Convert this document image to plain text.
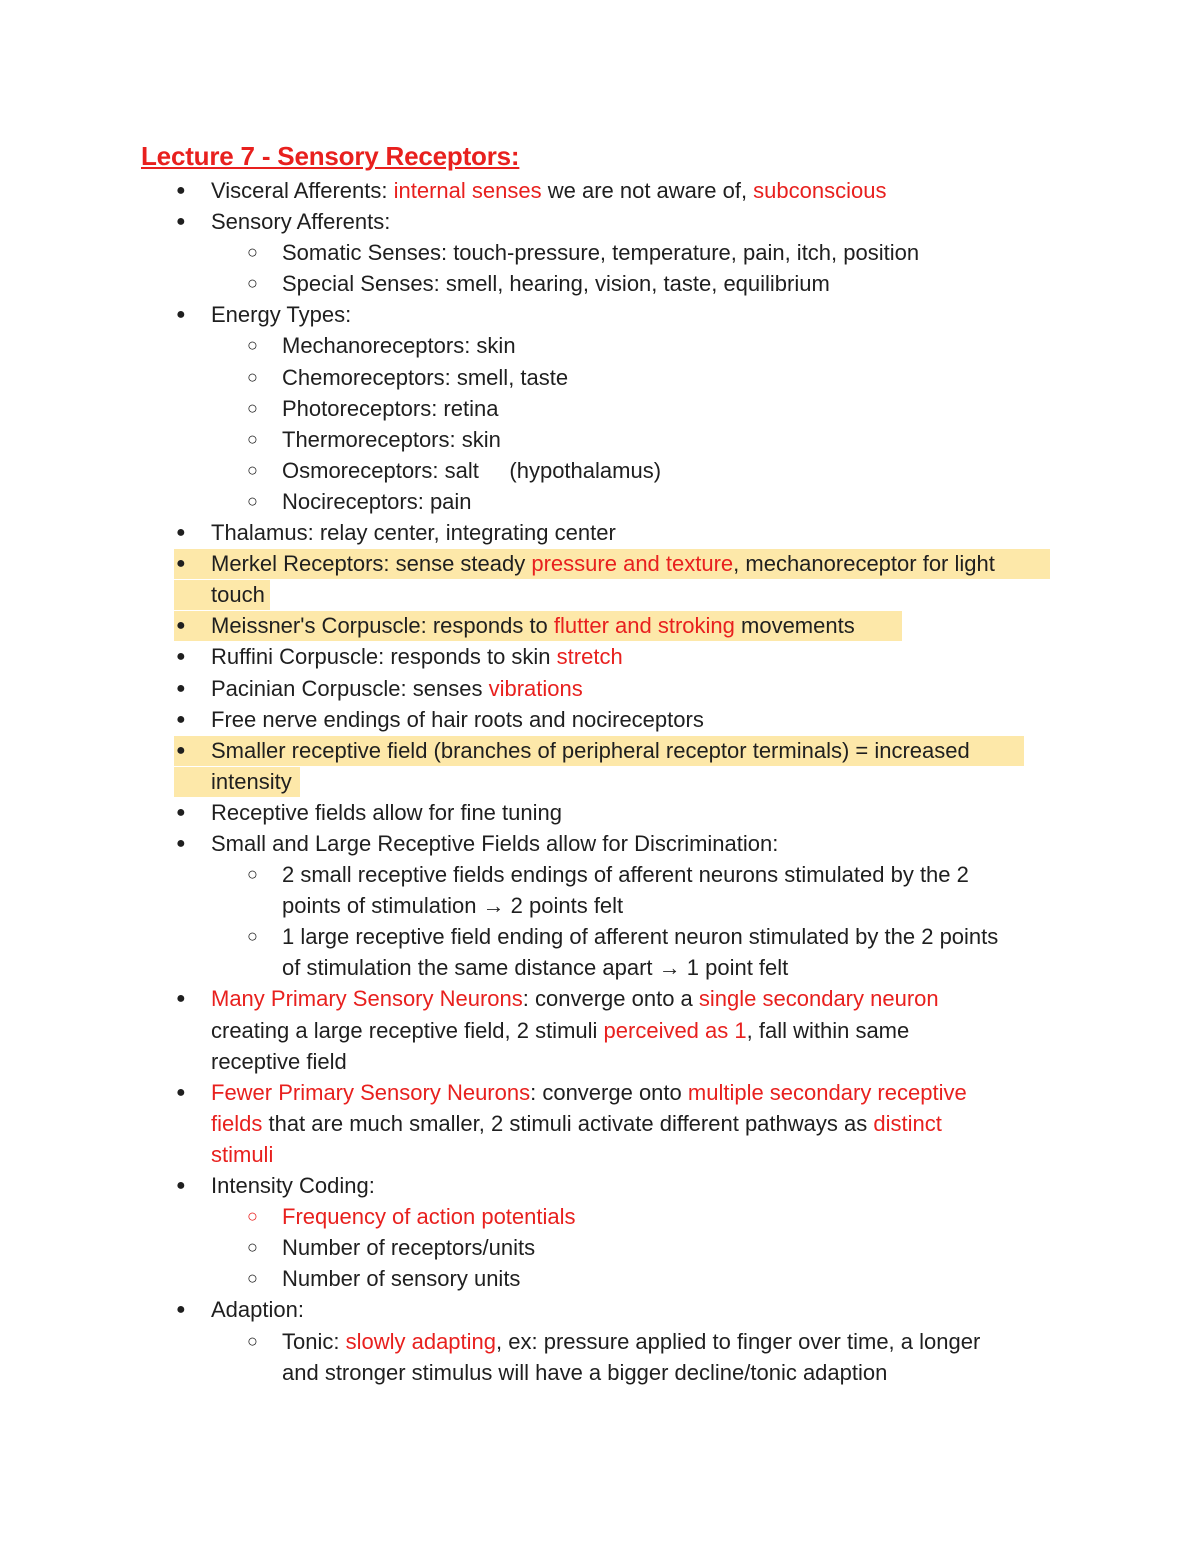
Lecture 7 - Sensory Receptors:
● Visceral Afferents: internal senses we are not aware of, subconscious
● Sensory Afferents:
○ Somatic Senses: touch-pressure, temperature, pain, itch, position
○ Special Senses: smell, hearing, vision, taste, equilibrium
● Energy Types:
○ Mechanoreceptors: skin
○ Chemoreceptors: smell, taste
○ Photoreceptors: retina
○ Thermoreceptors: skin
○ Osmoreceptors: salt     (hypothalamus)
○ Nocireceptors: pain
● Thalamus: relay center, integrating center
● Merkel Receptors: sense steady pressure and texture, mechanoreceptor for light
touch
● Meissner's Corpuscle: responds to flutter and stroking movements
● Ruffini Corpuscle: responds to skin stretch
● Pacinian Corpuscle: senses vibrations
● Free nerve endings of hair roots and nocireceptors
● Smaller receptive field (branches of peripheral receptor terminals) = increased
intensity
● Receptive fields allow for fine tuning
● Small and Large Receptive Fields allow for Discrimination:
○ 2 small receptive fields endings of afferent neurons stimulated by the 2
points of stimulation → 2 points felt
○ 1 large receptive field ending of afferent neuron stimulated by the 2 points
of stimulation the same distance apart → 1 point felt
● Many Primary Sensory Neurons: converge onto a single secondary neuron
creating a large receptive field, 2 stimuli perceived as 1, fall within same
receptive field
● Fewer Primary Sensory Neurons: converge onto multiple secondary receptive
fields that are much smaller, 2 stimuli activate different pathways as distinct
stimuli
● Intensity Coding:
○ Frequency of action potentials
○ Number of receptors/units
○ Number of sensory units
● Adaption:
○ Tonic: slowly adapting, ex: pressure applied to finger over time, a longer
and stronger stimulus will have a bigger decline/tonic adaption
